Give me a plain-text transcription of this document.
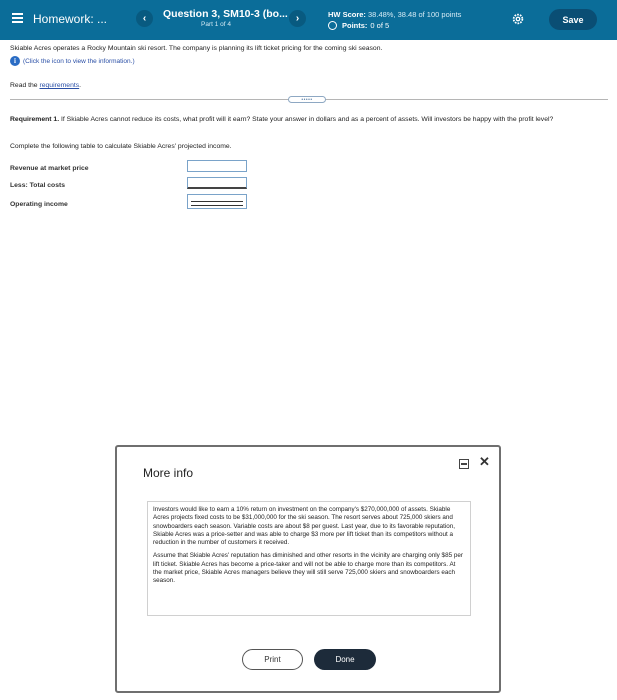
Homework: ...	‹	Question 3, SM10-3 (bo...
Part 1 of 4
›	HW Score: 38.48%, 38.48 of 100 points
Points: 0 of 5
Save
Skiable Acres operates a Rocky Mountain ski resort. The company is planning its lift ticket pricing for the coming ski season.
i	(Click the icon to view the information.)
Read the requirements.
•••••
Requirement 1. If Skiable Acres cannot reduce its costs, what profit will it earn? State your answer in dollars and as a percent of assets. Will investors be happy with the profit level?
Complete the following table to calculate Skiable Acres' projected income.
Revenue at market price
Less: Total costs
Operating income
More info
✕

Investors would like to earn a 10% return on investment on the company's $270,000,000 of assets. Skiable Acres projects fixed costs to be $31,000,000 for the ski season. The resort serves about 725,000 skiers and snowboarders each season. Variable costs are about $8 per guest. Last year, due to its favorable reputation, Skiable Acres was a price-setter and was able to charge $3 more per lift ticket than its competitors without a reduction in the number of customers it received.

Assume that Skiable Acres' reputation has diminished and other resorts in the vicinity are charging only $85 per lift ticket. Skiable Acres has become a price-taker and will not be able to charge more than its competitors. At the market price, Skiable Acres managers believe they will still serve 725,000 skiers and snowboarders each season.

Print	Done
